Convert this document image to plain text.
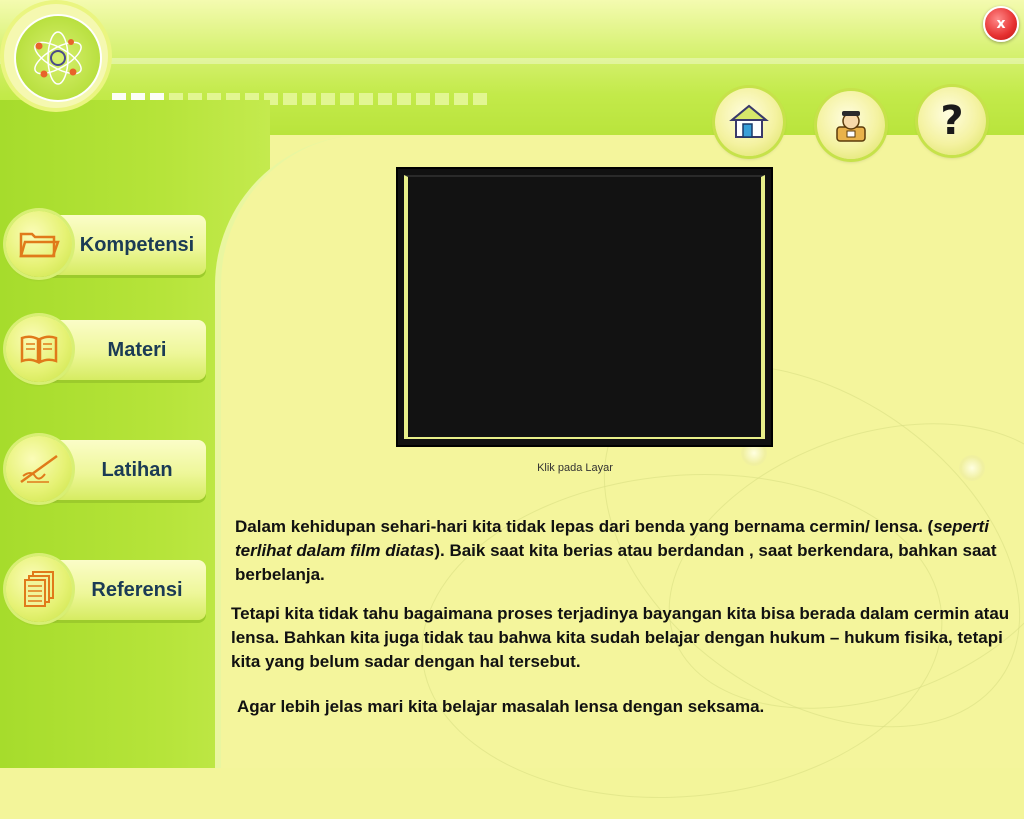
x
?
Kompetensi
Materi
Latihan
Referensi
Klik pada Layar
Dalam kehidupan sehari-hari kita tidak lepas dari benda yang bernama cermin/ lensa. (seperti terlihat dalam film diatas). Baik saat kita berias atau berdandan , saat berkendara, bahkan saat berbelanja.
Tetapi kita tidak tahu bagaimana proses terjadinya bayangan kita bisa berada dalam cermin atau lensa. Bahkan kita juga tidak tau bahwa kita sudah belajar dengan hukum – hukum fisika, tetapi kita yang belum sadar dengan hal tersebut.
Agar lebih jelas mari kita belajar masalah lensa dengan seksama.
